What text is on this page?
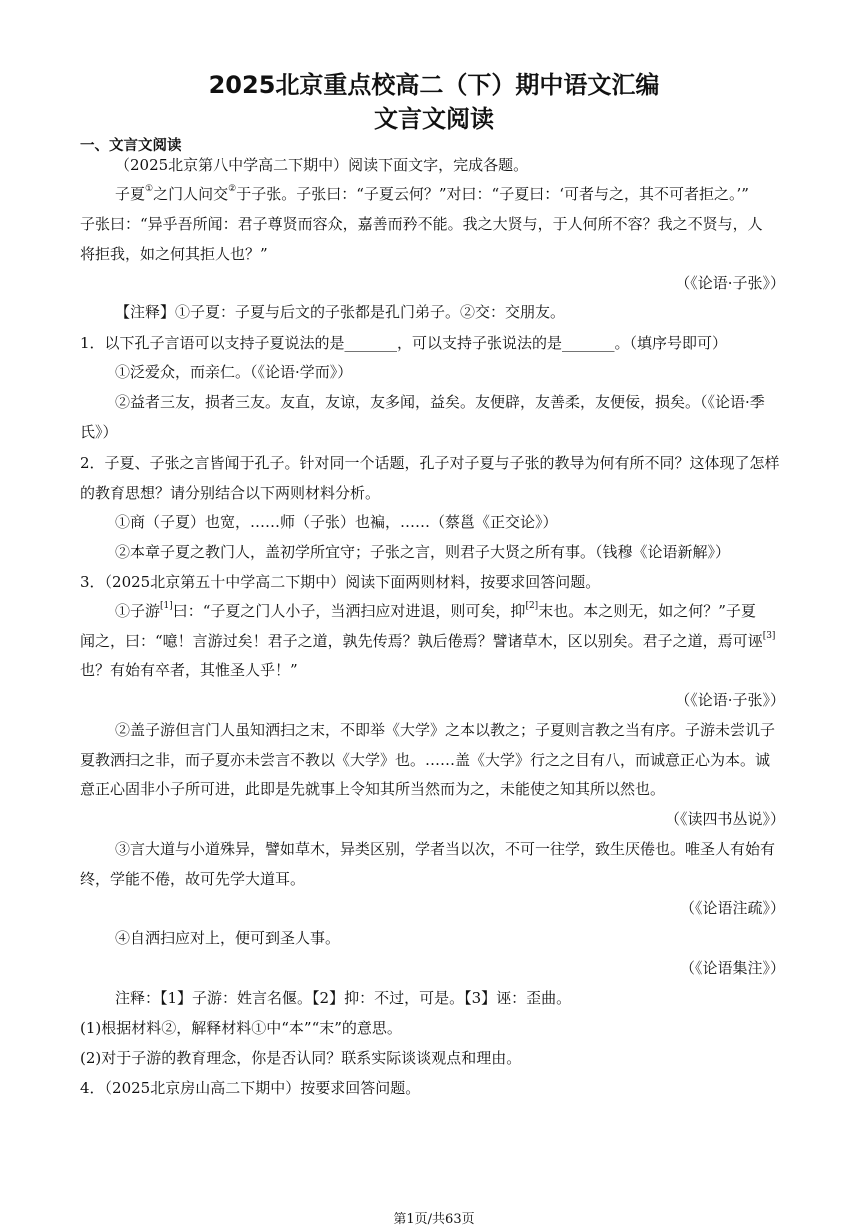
2025北京重点校高二（下）期中语文汇编
文言文阅读
一、文言文阅读
（2025北京第八中学高二下期中）阅读下面文字，完成各题。
子夏①之门人问交②于子张。子张曰：“子夏云何？”对曰：“子夏曰：‘可者与之，其不可者拒之。’”
子张曰：“异乎吾所闻：君子尊贤而容众，嘉善而矜不能。我之大贤与，于人何所不容？我之不贤与，人
将拒我，如之何其拒人也？”
（《论语·子张》）
【注释】①子夏：子夏与后文的子张都是孔门弟子。②交：交朋友。
1．以下孔子言语可以支持子夏说法的是_______，可以支持子张说法的是_______。（填序号即可）
①泛爱众，而亲仁。（《论语·学而》）
②益者三友，损者三友。友直，友谅，友多闻，益矣。友便辟，友善柔，友便佞，损矣。（《论语·季
氏》）
2．子夏、子张之言皆闻于孔子。针对同一个话题，孔子对子夏与子张的教导为何有所不同？这体现了怎样
的教育思想？请分别结合以下两则材料分析。
①商（子夏）也宽，……师（子张）也褊，……（蔡邕《正交论》）
②本章子夏之教门人，盖初学所宜守；子张之言，则君子大贤之所有事。（钱穆《论语新解》）
3．（2025北京第五十中学高二下期中）阅读下面两则材料，按要求回答问题。
①子游[1]曰：“子夏之门人小子，当洒扫应对进退，则可矣，抑[2]末也。本之则无，如之何？”子夏
闻之，曰：“噫！言游过矣！君子之道，孰先传焉？孰后倦焉？譬诸草木，区以别矣。君子之道，焉可诬[3]
也？有始有卒者，其惟圣人乎！”
（《论语·子张》）
②盖子游但言门人虽知洒扫之末，不即举《大学》之本以教之；子夏则言教之当有序。子游未尝讥子
夏教洒扫之非，而子夏亦未尝言不教以《大学》也。……盖《大学》行之之目有八，而诚意正心为本。诚
意正心固非小子所可进，此即是先就事上令知其所当然而为之，未能使之知其所以然也。
（《读四书丛说》）
③言大道与小道殊异，譬如草木，异类区别，学者当以次，不可一往学，致生厌倦也。唯圣人有始有
终，学能不倦，故可先学大道耳。
（《论语注疏》）
④自洒扫应对上，便可到圣人事。
（《论语集注》）
注释：【1】子游：姓言名偃。【2】抑：不过，可是。【3】诬：歪曲。
(1)根据材料②，解释材料①中“本”“末”的意思。
(2)对于子游的教育理念，你是否认同？联系实际谈谈观点和理由。
4．（2025北京房山高二下期中）按要求回答问题。
第1页/共63页
